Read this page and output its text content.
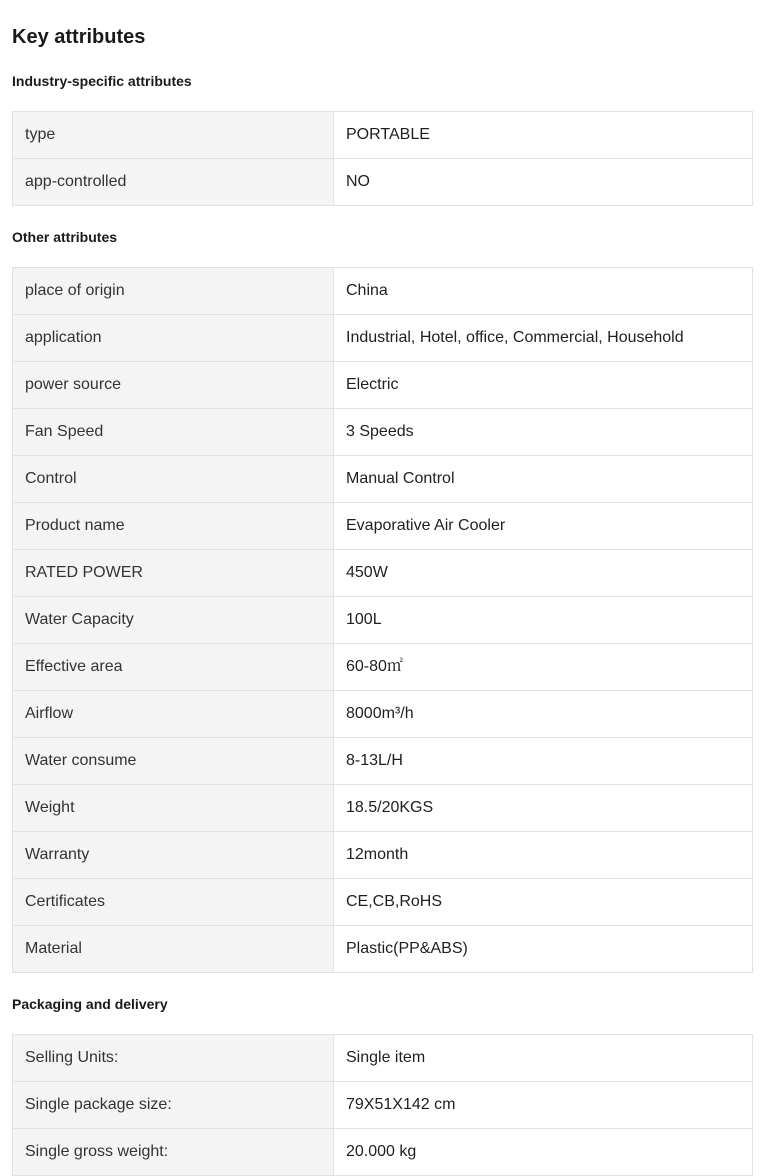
Key attributes
Industry-specific attributes
type	PORTABLE
app-controlled	NO
Other attributes
place of origin	China
application	Industrial, Hotel, office, Commercial, Household
power source	Electric
Fan Speed	3 Speeds
Control	Manual Control
Product name	Evaporative Air Cooler
RATED POWER	450W
Water Capacity	100L
Effective area	60-80㎡
Airflow	8000m³/h
Water consume	8-13L/H
Weight	18.5/20KGS
Warranty	12month
Certificates	CE,CB,RoHS
Material	Plastic(PP&ABS)
Packaging and delivery
Selling Units:	Single item
Single package size:	79X51X142 cm
Single gross weight:	20.000 kg
